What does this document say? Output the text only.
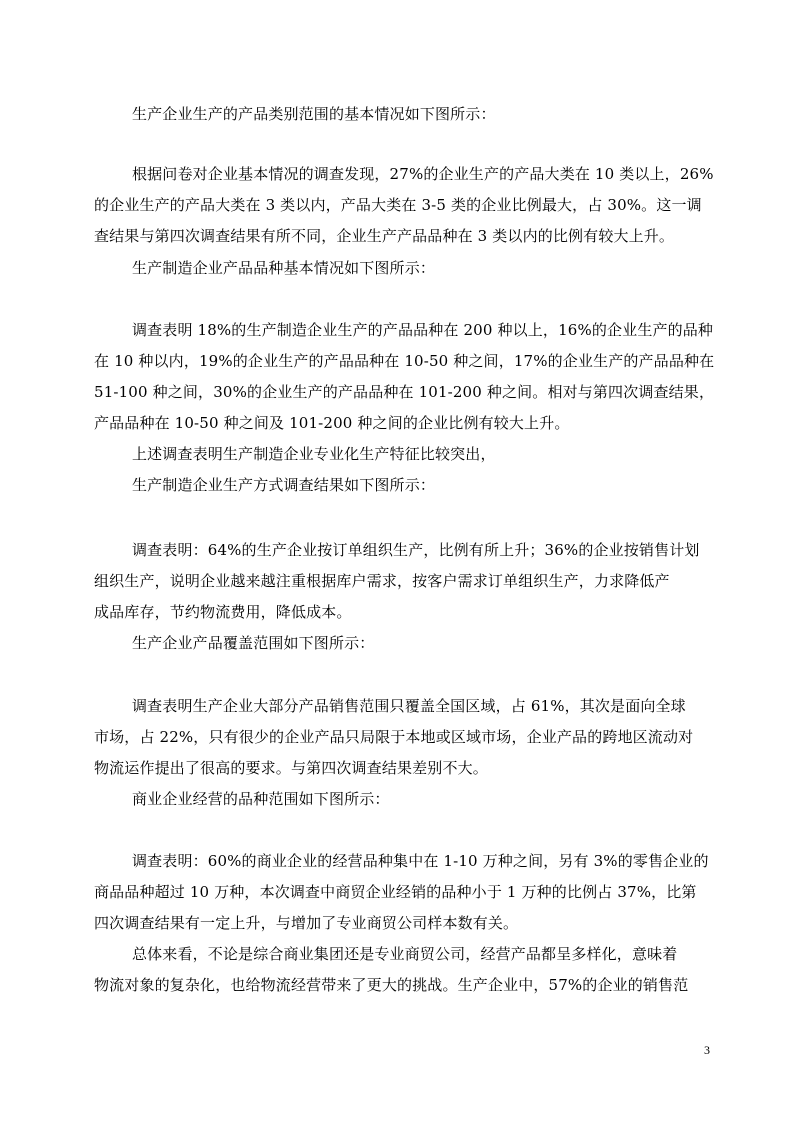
生产企业生产的产品类别范围的基本情况如下图所示：
根据问卷对企业基本情况的调查发现，27%的企业生产的产品大类在 10 类以上，26%
的企业生产的产品大类在 3 类以内，产品大类在 3-5 类的企业比例最大，占 30%。这一调
查结果与第四次调查结果有所不同，企业生产产品品种在 3 类以内的比例有较大上升。
生产制造企业产品品种基本情况如下图所示：
调查表明 18%的生产制造企业生产的产品品种在 200 种以上，16%的企业生产的品种
在 10 种以内，19%的企业生产的产品品种在 10-50 种之间，17%的企业生产的产品品种在
51-100 种之间，30%的企业生产的产品品种在 101-200 种之间。相对与第四次调查结果，
产品品种在 10-50 种之间及 101-200 种之间的企业比例有较大上升。
上述调查表明生产制造企业专业化生产特征比较突出，
生产制造企业生产方式调查结果如下图所示：
调查表明：64%的生产企业按订单组织生产，比例有所上升；36%的企业按销售计划
组织生产，说明企业越来越注重根据库户需求，按客户需求订单组织生产，力求降低产
成品库存，节约物流费用，降低成本。
生产企业产品覆盖范围如下图所示：
调查表明生产企业大部分产品销售范围只覆盖全国区域，占 61%，其次是面向全球
市场，占 22%，只有很少的企业产品只局限于本地或区域市场，企业产品的跨地区流动对
物流运作提出了很高的要求。与第四次调查结果差别不大。
商业企业经营的品种范围如下图所示：
调查表明：60%的商业企业的经营品种集中在 1-10 万种之间，另有 3%的零售企业的
商品品种超过 10 万种，本次调查中商贸企业经销的品种小于 1 万种的比例占 37%，比第
四次调查结果有一定上升，与增加了专业商贸公司样本数有关。
总体来看，不论是综合商业集团还是专业商贸公司，经营产品都呈多样化，意味着
物流对象的复杂化，也给物流经营带来了更大的挑战。生产企业中，57%的企业的销售范
3
